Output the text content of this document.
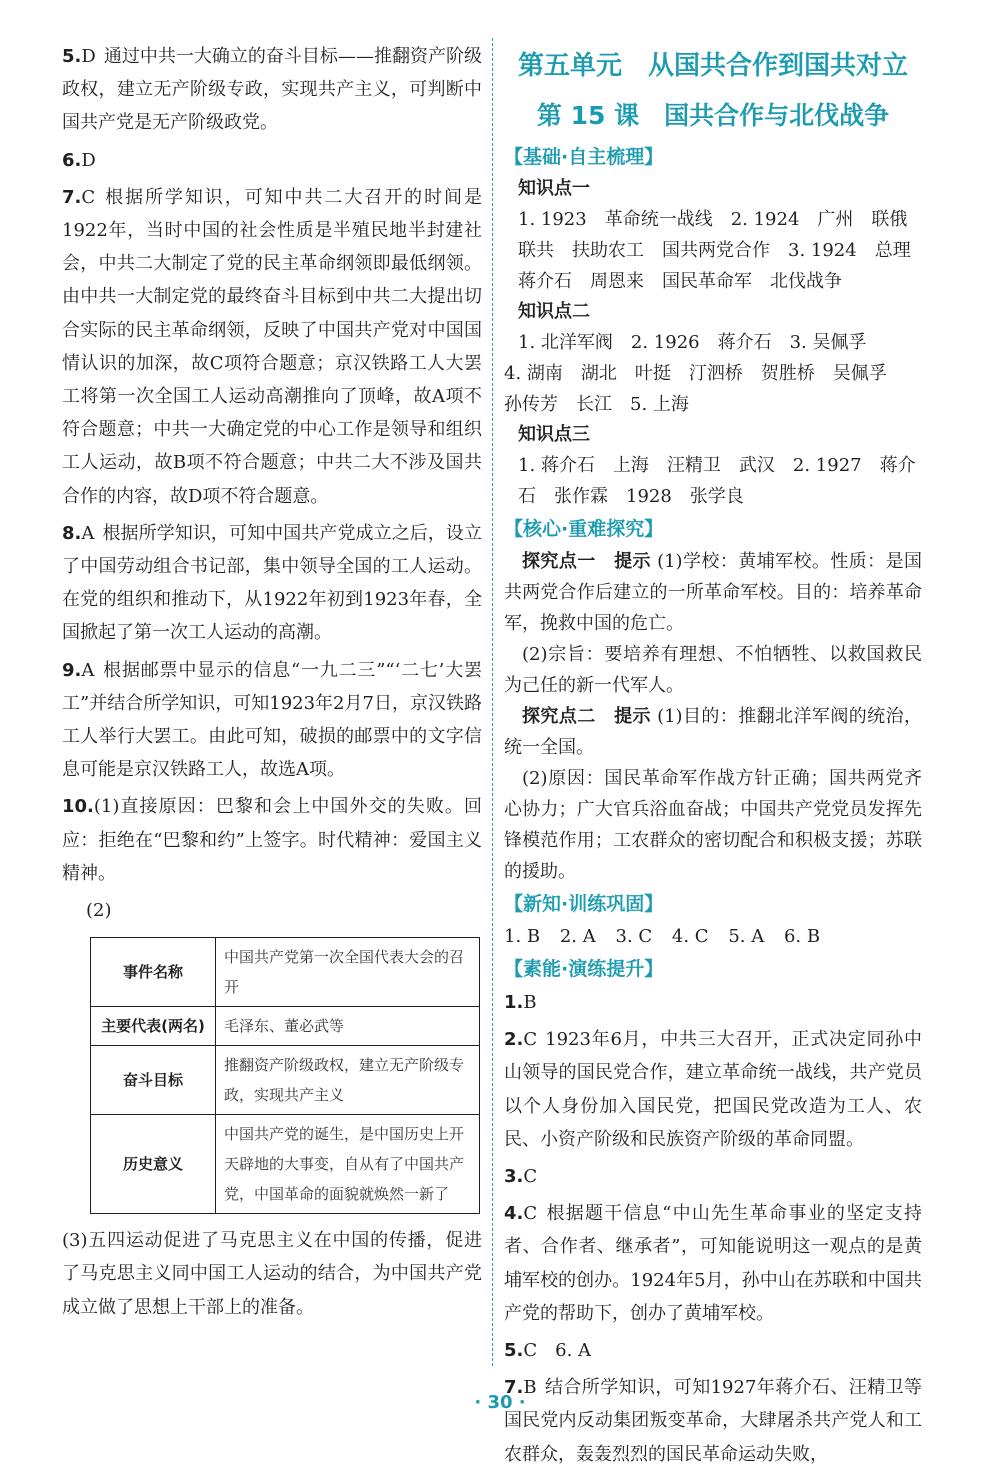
5.D 通过中共一大确立的奋斗目标——推翻资产阶级政权，建立无产阶级专政，实现共产主义，可判断中国共产党是无产阶级政党。
6.D
7.C 根据所学知识，可知中共二大召开的时间是1922年，当时中国的社会性质是半殖民地半封建社会，中共二大制定了党的民主革命纲领即最低纲领。由中共一大制定党的最终奋斗目标到中共二大提出切合实际的民主革命纲领，反映了中国共产党对中国国情认识的加深，故C项符合题意；京汉铁路工人大罢工将第一次全国工人运动高潮推向了顶峰，故A项不符合题意；中共一大确定党的中心工作是领导和组织工人运动，故B项不符合题意；中共二大不涉及国共合作的内容，故D项不符合题意。
8.A 根据所学知识，可知中国共产党成立之后，设立了中国劳动组合书记部，集中领导全国的工人运动。在党的组织和推动下，从1922年初到1923年春，全国掀起了第一次工人运动的高潮。
9.A 根据邮票中显示的信息“一九二三”“‘二七’大罢工”并结合所学知识，可知1923年2月7日，京汉铁路工人举行大罢工。由此可知，破损的邮票中的文字信息可能是京汉铁路工人，故选A项。
10.(1)直接原因：巴黎和会上中国外交的失败。回应：拒绝在“巴黎和约”上签字。时代精神：爱国主义精神。
(2)
事件名称	中国共产党第一次全国代表大会的召开
主要代表(两名)	毛泽东、董必武等
奋斗目标	推翻资产阶级政权，建立无产阶级专政，实现共产主义
历史意义	中国共产党的诞生，是中国历史上开天辟地的大事变，自从有了中国共产党，中国革命的面貌就焕然一新了
(3)五四运动促进了马克思主义在中国的传播，促进了马克思主义同中国工人运动的结合，为中国共产党成立做了思想上干部上的准备。
第五单元　从国共合作到国共对立
第 15 课　国共合作与北伐战争
【基础·自主梳理】
知识点一
1. 1923　革命统一战线　2. 1924　广州　联俄　联共　扶助农工　国共两党合作　3. 1924　总理　蒋介石　周恩来　国民革命军　北伐战争
知识点二
1. 北洋军阀　2. 1926　蒋介石　3. 吴佩孚
4. 湖南　湖北　叶挺　汀泗桥　贺胜桥　吴佩孚　孙传芳　长江　5. 上海
知识点三
1. 蒋介石　上海　汪精卫　武汉　2. 1927　蒋介石　张作霖　1928　张学良
【核心·重难探究】
探究点一　提示 (1)学校：黄埔军校。性质：是国共两党合作后建立的一所革命军校。目的：培养革命军，挽救中国的危亡。
(2)宗旨：要培养有理想、不怕牺牲、以救国救民为己任的新一代军人。
探究点二　提示 (1)目的：推翻北洋军阀的统治，统一全国。
(2)原因：国民革命军作战方针正确；国共两党齐心协力；广大官兵浴血奋战；中国共产党党员发挥先锋模范作用；工农群众的密切配合和积极支援；苏联的援助。
【新知·训练巩固】
1. B 2. A 3. C 4. C 5. A 6. B
【素能·演练提升】
1.B
2.C 1923年6月，中共三大召开，正式决定同孙中山领导的国民党合作，建立革命统一战线，共产党员以个人身份加入国民党，把国民党改造为工人、农民、小资产阶级和民族资产阶级的革命同盟。
3.C
4.C 根据题干信息“中山先生革命事业的坚定支持者、合作者、继承者”，可知能说明这一观点的是黄埔军校的创办。1924年5月，孙中山在苏联和中国共产党的帮助下，创办了黄埔军校。
5.C　6. A
7.B 结合所学知识，可知1927年蒋介石、汪精卫等国民党内反动集团叛变革命，大肆屠杀共产党人和工农群众，轰轰烈烈的国民革命运动失败，
· 30 ·
